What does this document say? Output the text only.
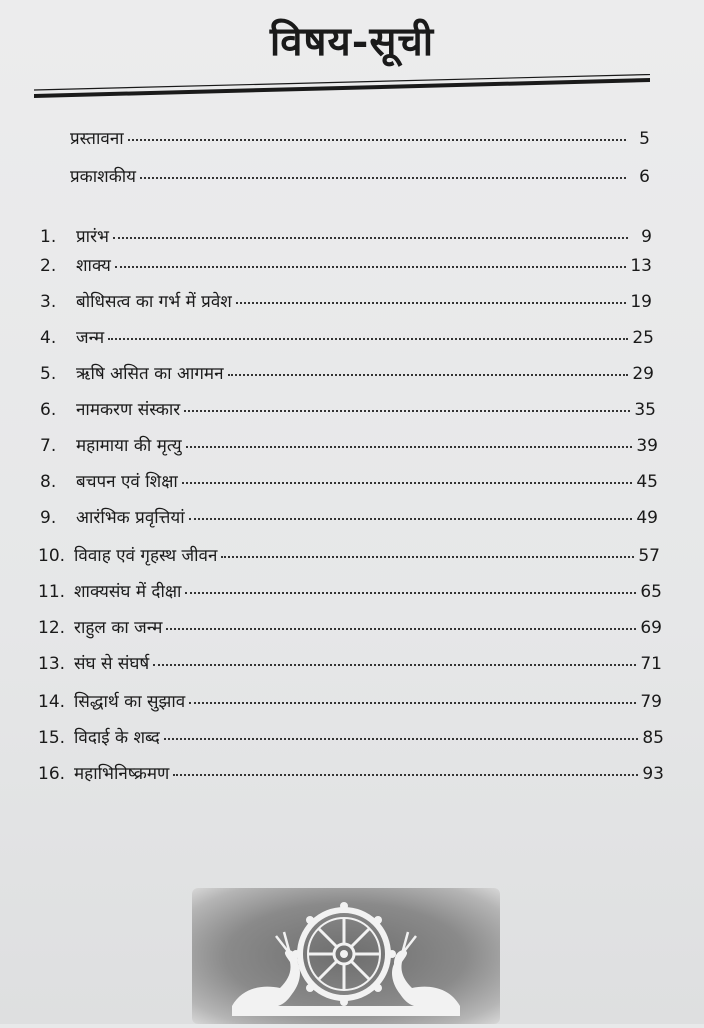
विषय-सूची
प्रस्तावना	5
प्रकाशकीय	6
1.	प्रारंभ	9
2.	शाक्य	13
3.	बोधिसत्व का गर्भ में प्रवेश	19
4.	जन्म	25
5.	ऋषि असित का आगमन	29
6.	नामकरण संस्कार	35
7.	महामाया की मृत्यु	39
8.	बचपन एवं शिक्षा	45
9.	आरंभिक प्रवृत्तियां	49
10. विवाह एवं गृहस्थ जीवन	57
11. शाक्यसंघ में दीक्षा	65
12. राहुल का जन्म	69
13. संघ से संघर्ष	71
14. सिद्धार्थ का सुझाव	79
15. विदाई के शब्द	85
16. महाभिनिष्क्रमण	93
